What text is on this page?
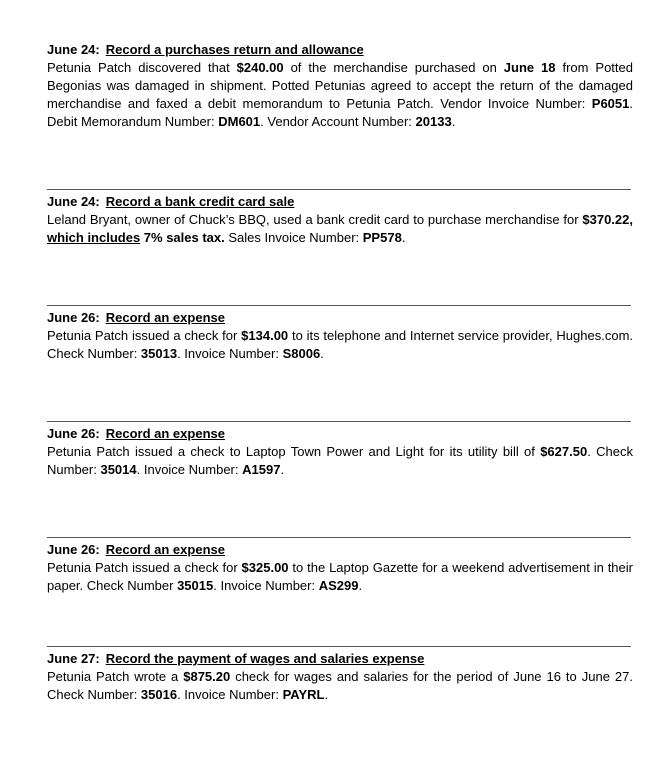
June 24: Record a purchases return and allowance
Petunia Patch discovered that $240.00 of the merchandise purchased on June 18 from Potted Begonias was damaged in shipment. Potted Petunias agreed to accept the return of the damaged merchandise and faxed a debit memorandum to Petunia Patch. Vendor Invoice Number: P6051. Debit Memorandum Number: DM601. Vendor Account Number: 20133.
June 24: Record a bank credit card sale
Leland Bryant, owner of Chuck’s BBQ, used a bank credit card to purchase merchandise for $370.22, which includes 7% sales tax. Sales Invoice Number: PP578.
June 26: Record an expense
Petunia Patch issued a check for $134.00 to its telephone and Internet service provider, Hughes.com. Check Number: 35013. Invoice Number: S8006.
June 26: Record an expense
Petunia Patch issued a check to Laptop Town Power and Light for its utility bill of $627.50. Check Number: 35014. Invoice Number: A1597.
June 26: Record an expense
Petunia Patch issued a check for $325.00 to the Laptop Gazette for a weekend advertisement in their paper. Check Number 35015. Invoice Number: AS299.
June 27: Record the payment of wages and salaries expense
Petunia Patch wrote a $875.20 check for wages and salaries for the period of June 16 to June 27. Check Number: 35016. Invoice Number: PAYRL.
